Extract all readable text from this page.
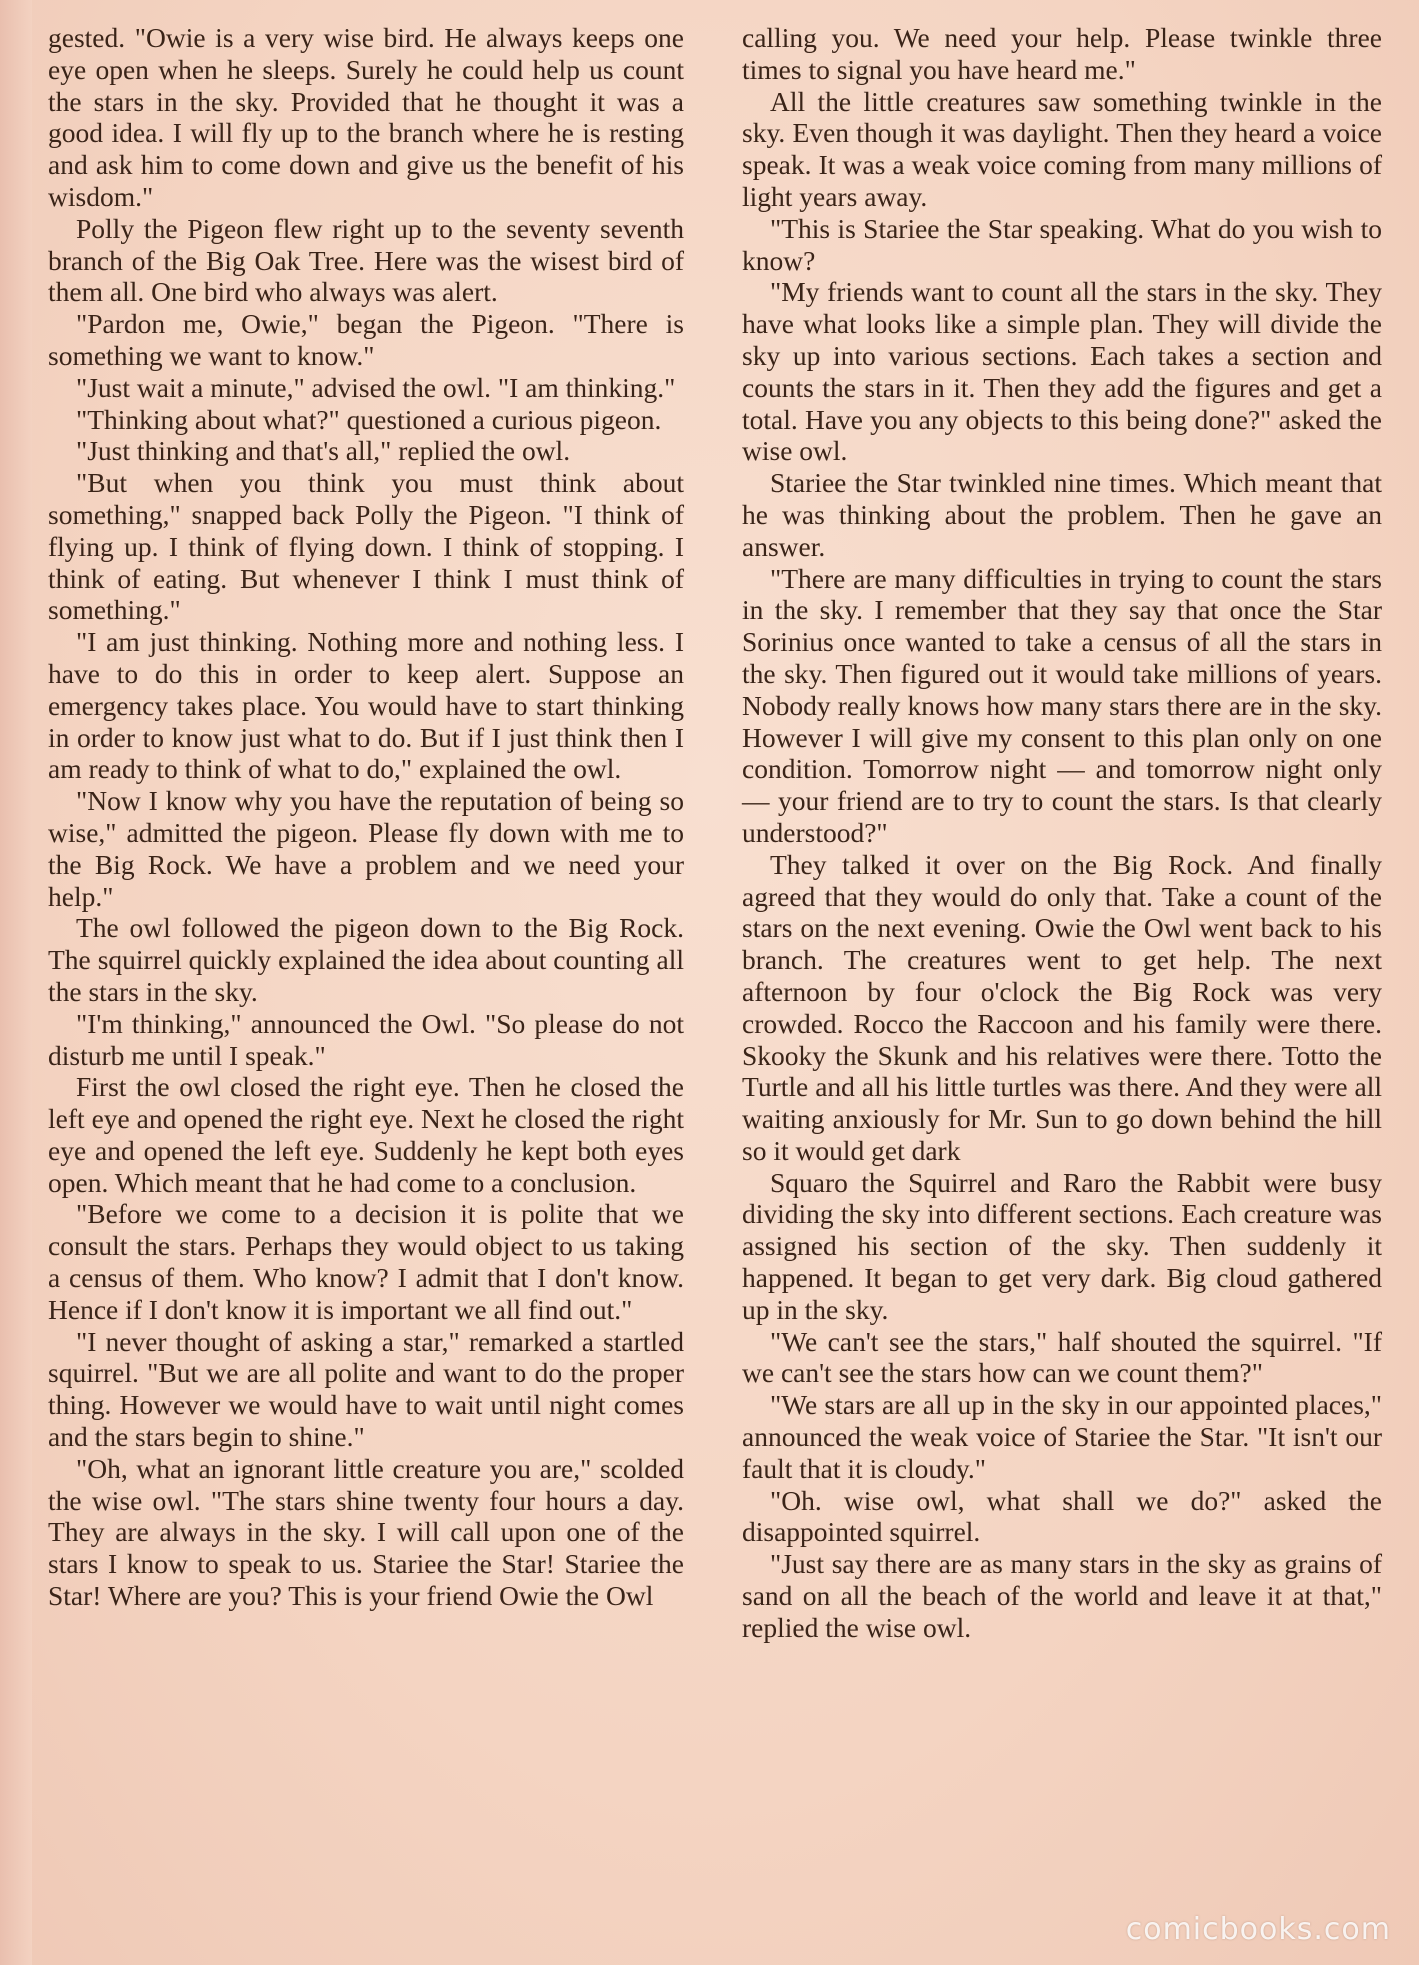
gested. "Owie is a very wise bird. He always keeps one eye open when he sleeps. Surely he could help us count the stars in the sky. Provided that he thought it was a good idea. I will fly up to the branch where he is resting and ask him to come down and give us the benefit of his wisdom."

Polly the Pigeon flew right up to the seventy seventh branch of the Big Oak Tree. Here was the wisest bird of them all. One bird who always was alert.

"Pardon me, Owie," began the Pigeon. "There is something we want to know."

"Just wait a minute," advised the owl. "I am thinking."

"Thinking about what?" questioned a curious pigeon.

"Just thinking and that's all," replied the owl.

"But when you think you must think about something," snapped back Polly the Pigeon. "I think of flying up. I think of flying down. I think of stopping. I think of eating. But whenever I think I must think of something."

"I am just thinking. Nothing more and nothing less. I have to do this in order to keep alert. Suppose an emergency takes place. You would have to start thinking in order to know just what to do. But if I just think then I am ready to think of what to do," explained the owl.

"Now I know why you have the reputation of being so wise," admitted the pigeon. Please fly down with me to the Big Rock. We have a problem and we need your help."

The owl followed the pigeon down to the Big Rock. The squirrel quickly explained the idea about counting all the stars in the sky.

"I'm thinking," announced the Owl. "So please do not disturb me until I speak."

First the owl closed the right eye. Then he closed the left eye and opened the right eye. Next he closed the right eye and opened the left eye. Suddenly he kept both eyes open. Which meant that he had come to a conclusion.

"Before we come to a decision it is polite that we consult the stars. Perhaps they would object to us taking a census of them. Who know? I admit that I don't know. Hence if I don't know it is important we all find out."

"I never thought of asking a star," remarked a startled squirrel. "But we are all polite and want to do the proper thing. However we would have to wait until night comes and the stars begin to shine."

"Oh, what an ignorant little creature you are," scolded the wise owl. "The stars shine twenty four hours a day. They are always in the sky. I will call upon one of the stars I know to speak to us. Stariee the Star! Stariee the Star! Where are you? This is your friend Owie the Owl

calling you. We need your help. Please twinkle three times to signal you have heard me."

All the little creatures saw something twinkle in the sky. Even though it was daylight. Then they heard a voice speak. It was a weak voice coming from many millions of light years away.

"This is Stariee the Star speaking. What do you wish to know?

"My friends want to count all the stars in the sky. They have what looks like a simple plan. They will divide the sky up into various sections. Each takes a section and counts the stars in it. Then they add the figures and get a total. Have you any objects to this being done?" asked the wise owl.

Stariee the Star twinkled nine times. Which meant that he was thinking about the problem. Then he gave an answer.

"There are many difficulties in trying to count the stars in the sky. I remember that they say that once the Star Sorinius once wanted to take a census of all the stars in the sky. Then figured out it would take millions of years. Nobody really knows how many stars there are in the sky. However I will give my consent to this plan only on one condition. Tomorrow night — and tomorrow night only — your friend are to try to count the stars. Is that clearly understood?"

They talked it over on the Big Rock. And finally agreed that they would do only that. Take a count of the stars on the next evening. Owie the Owl went back to his branch. The creatures went to get help. The next afternoon by four o'clock the Big Rock was very crowded. Rocco the Raccoon and his family were there. Skooky the Skunk and his relatives were there. Totto the Turtle and all his little turtles was there. And they were all waiting anxiously for Mr. Sun to go down behind the hill so it would get dark

Squaro the Squirrel and Raro the Rabbit were busy dividing the sky into different sections. Each creature was assigned his section of the sky. Then suddenly it happened. It began to get very dark. Big cloud gathered up in the sky.

"We can't see the stars," half shouted the squirrel. "If we can't see the stars how can we count them?"

"We stars are all up in the sky in our appointed places," announced the weak voice of Stariee the Star. "It isn't our fault that it is cloudy."

"Oh. wise owl, what shall we do?" asked the disappointed squirrel.

"Just say there are as many stars in the sky as grains of sand on all the beach of the world and leave it at that," replied the wise owl.

comicbooks.com
